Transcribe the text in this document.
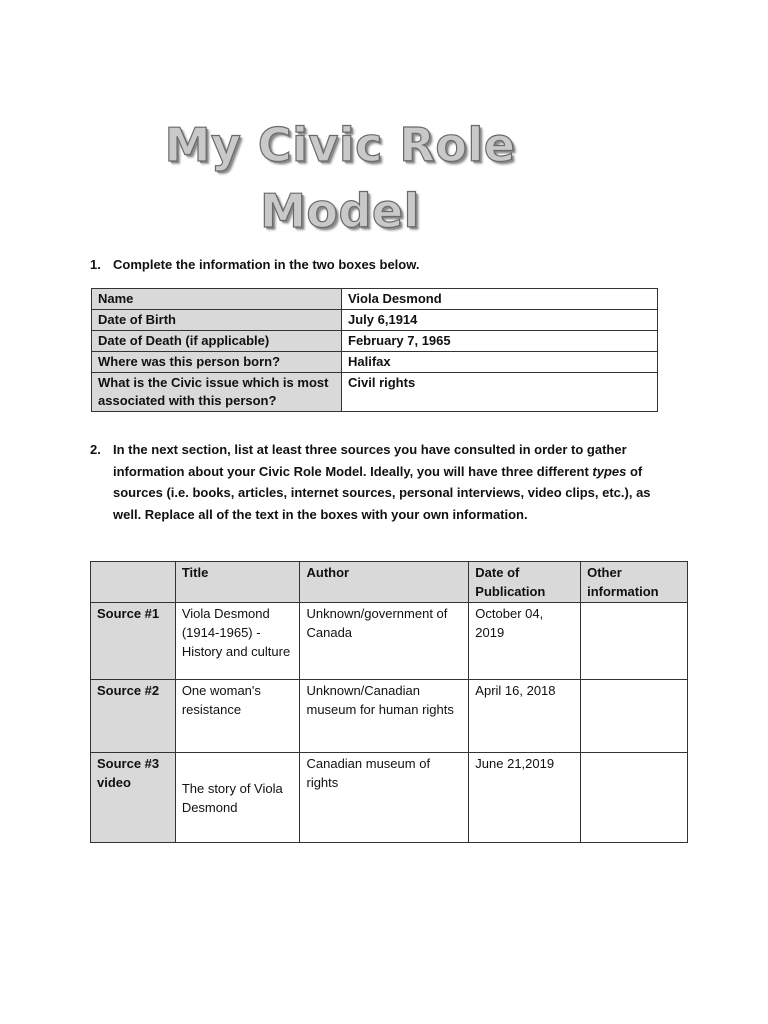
My Civic Role
Model
1. Complete the information in the two boxes below.
Name	Viola Desmond
Date of Birth	July 6,1914
Date of Death (if applicable)	February 7, 1965
Where was this person born?	Halifax
What is the Civic issue which is most associated with this person?	Civil rights
2. In the next section, list at least three sources you have consulted in order to gather information about your Civic Role Model. Ideally, you will have three different types of sources (i.e. books, articles, internet sources, personal interviews, video clips, etc.), as well. Replace all of the text in the boxes with your own information.
	Title	Author	Date of Publication	Other information
Source #1	Viola Desmond (1914-1965) - History and culture	Unknown/government of Canada	October 04, 2019	
Source #2	One woman's resistance	Unknown/Canadian museum for human rights	April 16, 2018	
Source #3 video	The story of Viola Desmond	Canadian museum of rights	June 21,2019	
